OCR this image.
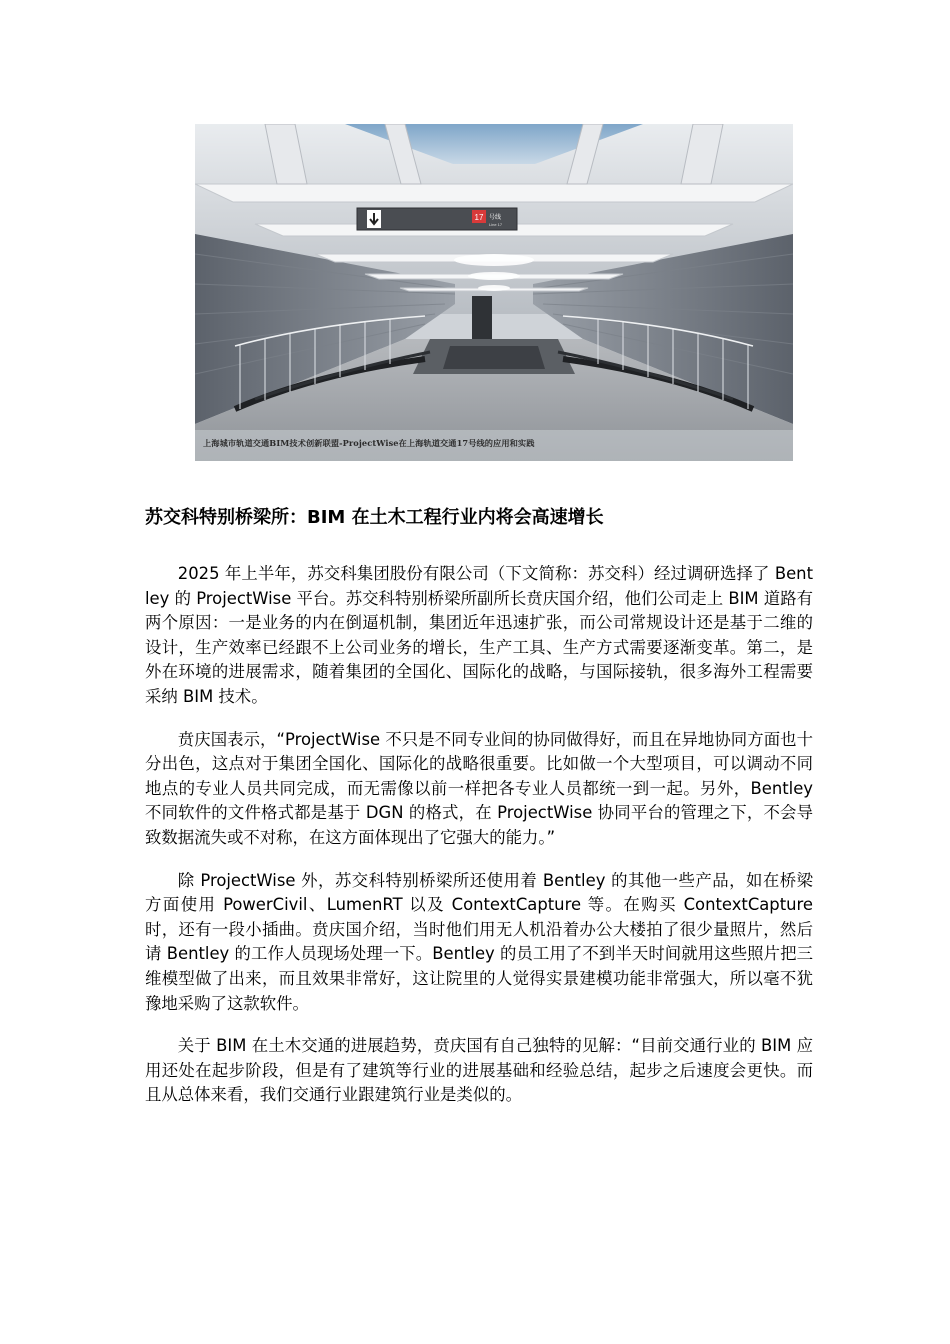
17 号线
Line 17
上海城市轨道交通BIM技术创新联盟-ProjectWise在上海轨道交通17号线的应用和实践
苏交科特别桥梁所：BIM 在土木工程行业内将会高速增长

2025 年上半年，苏交科集团股份有限公司（下文简称：苏交科）经过调研选择了 Bentley 的 ProjectWise 平台。苏交科特别桥梁所副所长贲庆国介绍，他们公司走上 BIM 道路有两个原因：一是业务的内在倒逼机制，集团近年迅速扩张，而公司常规设计还是基于二维的设计，生产效率已经跟不上公司业务的增长，生产工具、生产方式需要逐渐变革。第二，是外在环境的进展需求，随着集团的全国化、国际化的战略，与国际接轨，很多海外工程需要采纳 BIM 技术。

贲庆国表示，“ProjectWise 不只是不同专业间的协同做得好，而且在异地协同方面也十分出色，这点对于集团全国化、国际化的战略很重要。比如做一个大型项目，可以调动不同地点的专业人员共同完成，而无需像以前一样把各专业人员都统一到一起。另外，Bentley 不同软件的文件格式都是基于 DGN 的格式，在 ProjectWise 协同平台的管理之下，不会导致数据流失或不对称，在这方面体现出了它强大的能力。”

除 ProjectWise 外，苏交科特别桥梁所还使用着 Bentley 的其他一些产品，如在桥梁方面使用 PowerCivil、LumenRT 以及 ContextCapture 等。在购买 ContextCapture 时，还有一段小插曲。贲庆国介绍，当时他们用无人机沿着办公大楼拍了很少量照片，然后请 Bentley 的工作人员现场处理一下。Bentley 的员工用了不到半天时间就用这些照片把三维模型做了出来，而且效果非常好，这让院里的人觉得实景建模功能非常强大，所以毫不犹豫地采购了这款软件。

关于 BIM 在土木交通的进展趋势，贲庆国有自己独特的见解：“目前交通行业的 BIM 应用还处在起步阶段，但是有了建筑等行业的进展基础和经验总结，起步之后速度会更快。而且从总体来看，我们交通行业跟建筑行业是类似的。
